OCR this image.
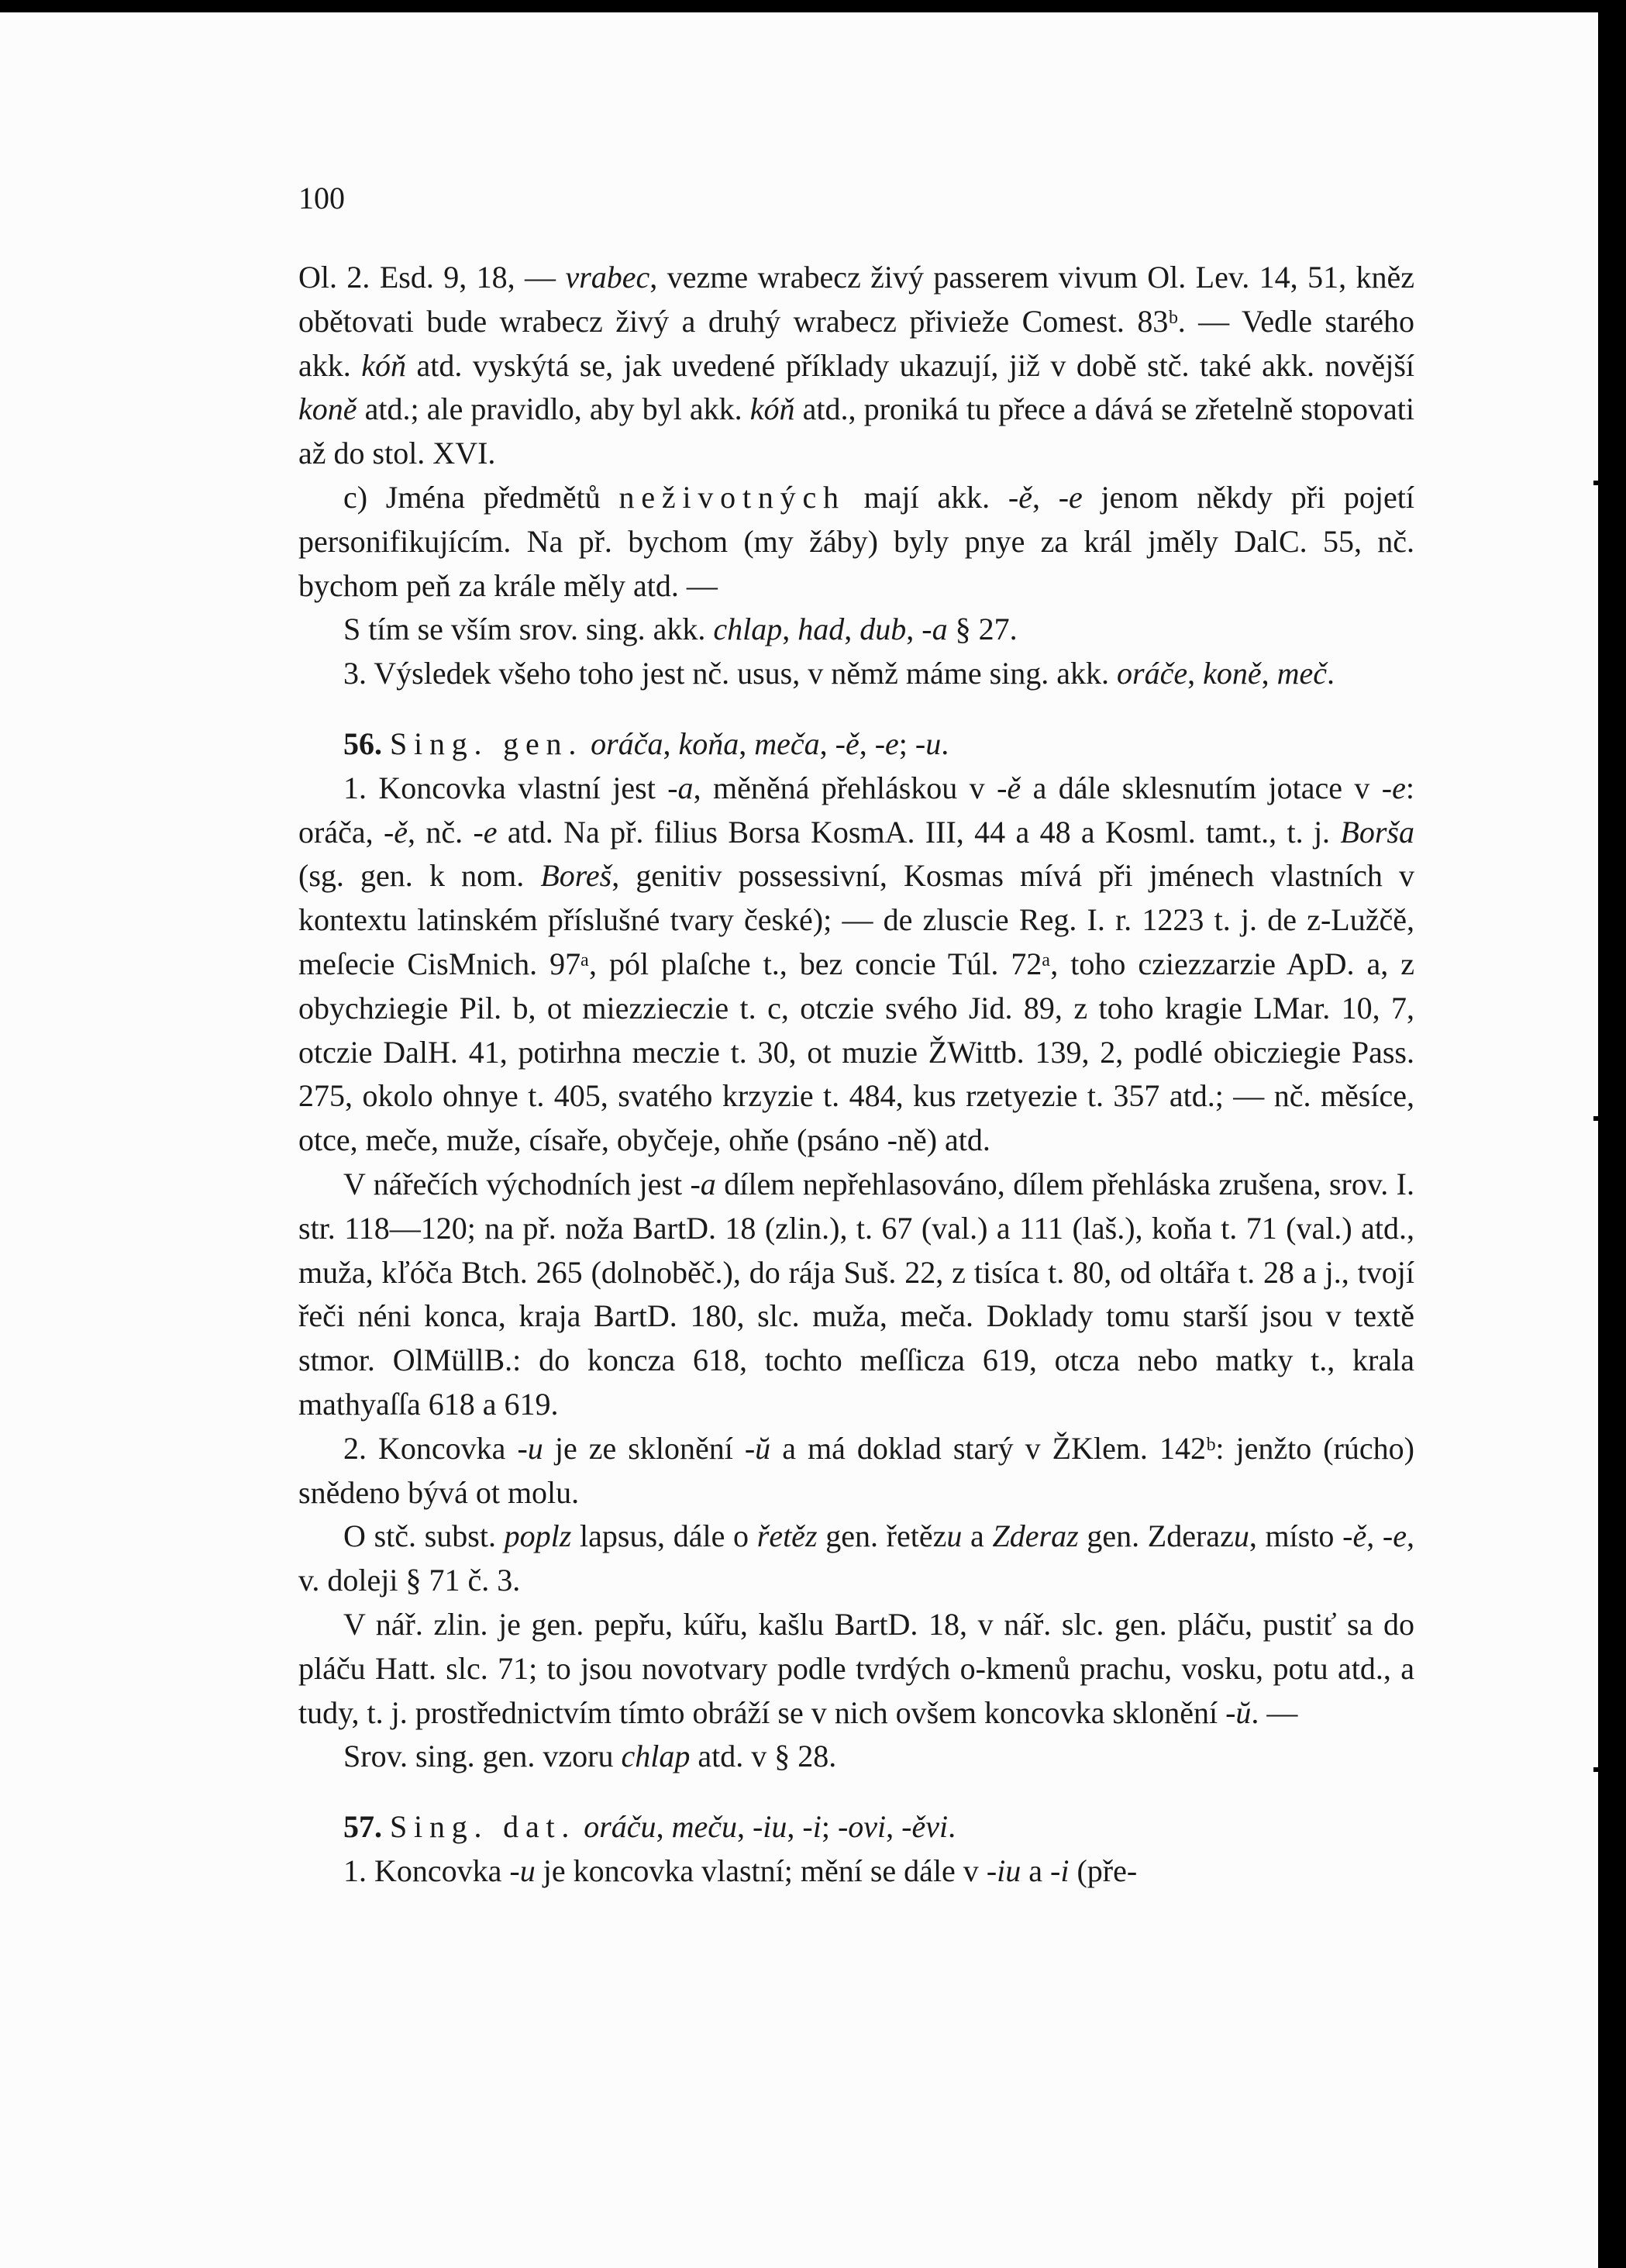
100

Ol. 2. Esd. 9, 18, — vrabec, vezme wrabecz živý passerem vivum Ol. Lev. 14, 51, kněz obětovati bude wrabecz živý a druhý wrabecz přivieže Comest. 83ᵇ. — Vedle starého akk. kóň atd. vyskýtá se, jak uvedené příklady ukazují, již v době stč. také akk. novější koně atd.; ale pravidlo, aby byl akk. kóň atd., proniká tu přece a dává se zřetelně stopovati až do stol. XVI.

c) Jména předmětů neživotných mají akk. -ě, -e jenom někdy při pojetí personifikujícím. Na př. bychom (my žáby) byly pnye za král jměly DalC. 55, nč. bychom peň za krále měly atd. —

S tím se vším srov. sing. akk. chlap, had, dub, -a § 27.

3. Výsledek všeho toho jest nč. usus, v němž máme sing. akk. oráče, koně, meč.

56. Sing. gen. oráča, koňa, meča, -ě, -e; -u.

1. Koncovka vlastní jest -a, měněná přehláskou v -ě a dále sklesnutím jotace v -e: oráča, -ě, nč. -e atd. Na př. filius Borsa KosmA. III, 44 a 48 a Kosml. tamt., t. j. Borša (sg. gen. k nom. Boreš, genitiv possessivní, Kosmas mívá při jménech vlastních v kontextu latinském příslušné tvary české); — de zluscie Reg. I. r. 1223 t. j. de z-Lužčě, meſecie CisMnich. 97ᵃ, pól plaſche t., bez concie Túl. 72ᵃ, toho cziezzarzie ApD. a, z obychziegie Pil. b, ot miezzieczie t. c, otczie svého Jid. 89, z toho kragie LMar. 10, 7, otczie DalH. 41, potirhna meczie t. 30, ot muzie ŽWittb. 139, 2, podlé obicziegie Pass. 275, okolo ohnye t. 405, svatého krzyzie t. 484, kus rzetyezie t. 357 atd.; — nč. měsíce, otce, meče, muže, císaře, obyčeje, ohňe (psáno -ně) atd.

V nářečích východních jest -a dílem nepřehlasováno, dílem přehláska zrušena, srov. I. str. 118—120; na př. noža BartD. 18 (zlin.), t. 67 (val.) a 111 (laš.), koňa t. 71 (val.) atd., muža, kľóča Btch. 265 (dolnoběč.), do rája Suš. 22, z tisíca t. 80, od oltářa t. 28 a j., tvojí řeči néni konca, kraja BartD. 180, slc. muža, meča. Doklady tomu starší jsou v textě stmor. OlMüllB.: do koncza 618, tochto meſſicza 619, otcza nebo matky t., krala mathyaſſa 618 a 619.

2. Koncovka -u je ze sklonění -ŭ a má doklad starý v ŽKlem. 142ᵇ: jenžto (rúcho) snědeno bývá ot molu.

O stč. subst. poplz lapsus, dále o řetěz gen. řetězu a Zderaz gen. Zderazu, místo -ě, -e, v. doleji § 71 č. 3.

V nář. zlin. je gen. pepřu, kúřu, kašlu BartD. 18, v nář. slc. gen. pláču, pustiť sa do pláču Hatt. slc. 71; to jsou novotvary podle tvrdých o-kmenů prachu, vosku, potu atd., a tudy, t. j. prostřednictvím tímto obráží se v nich ovšem koncovka sklonění -ŭ. —

Srov. sing. gen. vzoru chlap atd. v § 28.

57. Sing. dat. oráču, meču, -iu, -i; -ovi, -ěvi.

1. Koncovka -u je koncovka vlastní; mění se dále v -iu a -i (pře-
